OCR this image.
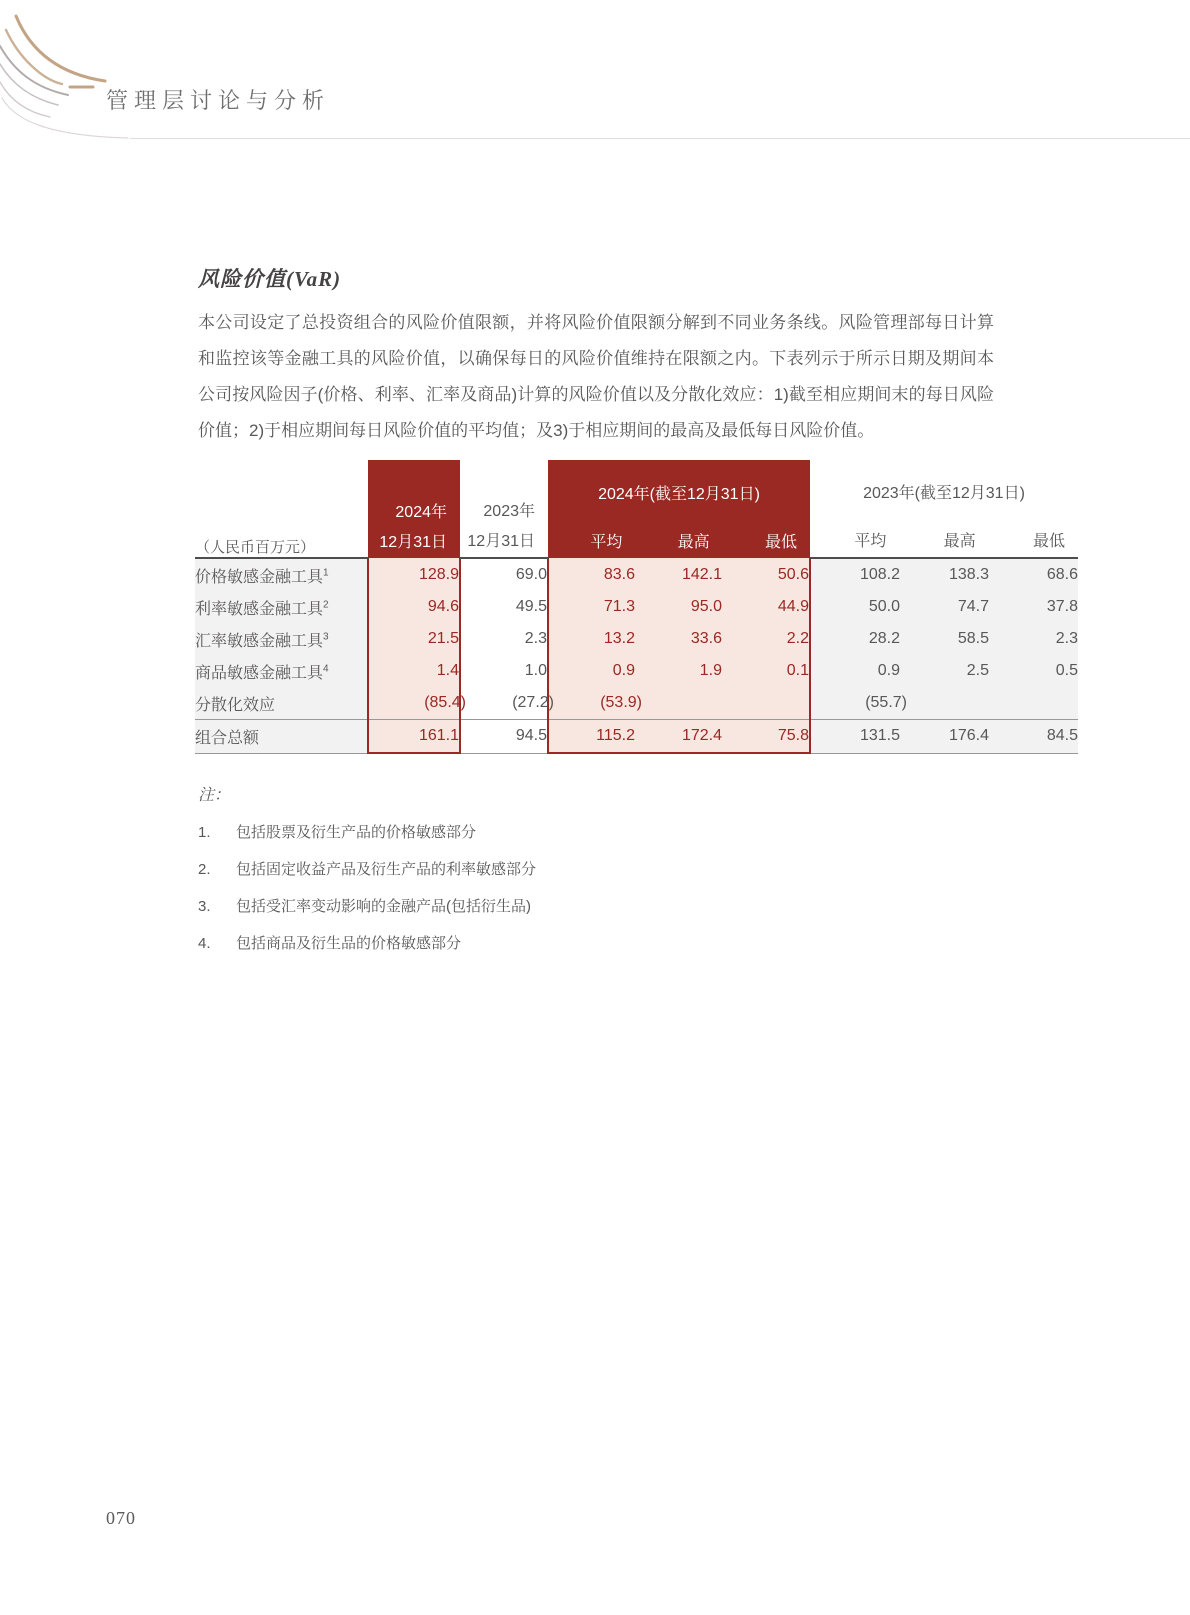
管理层讨论与分析
风险价值(VaR)
本公司设定了总投资组合的风险价值限额，并将风险价值限额分解到不同业务条线。风险管理部每日计算和监控该等金融工具的风险价值，以确保每日的风险价值维持在限额之内。下表列示于所示日期及期间本公司按风险因子(价格、利率、汇率及商品)计算的风险价值以及分散化效应：1)截至相应期间末的每日风险价值；2)于相应期间每日风险价值的平均值；及3)于相应期间的最高及最低每日风险价值。
（人民币百万元）	
2024年
12月31日

2023年
12月31日

2024年(截至12月31日)
平均	最高	最低

2023年(截至12月31日)
平均	最高	最低

价格敏感金融工具$^1$	128.9	69.0	83.6	142.1	50.6	108.2	138.3	68.6
利率敏感金融工具$^2$	94.6	49.5	71.3	95.0	44.9	50.0	74.7	37.8
汇率敏感金融工具$^3$	21.5	2.3	13.2	33.6	2.2	28.2	58.5	2.3
商品敏感金融工具$^4$	1.4	1.0	0.9	1.9	0.1	0.9	2.5	0.5
分散化效应	(85.4)	(27.2)	(53.9)			(55.7)		
组合总额	161.1	94.5	115.2	172.4	75.8	131.5	176.4	84.5
注：
1.	包括股票及衍生产品的价格敏感部分
2.	包括固定收益产品及衍生产品的利率敏感部分
3.	包括受汇率变动影响的金融产品(包括衍生品)
4.	包括商品及衍生品的价格敏感部分
070
